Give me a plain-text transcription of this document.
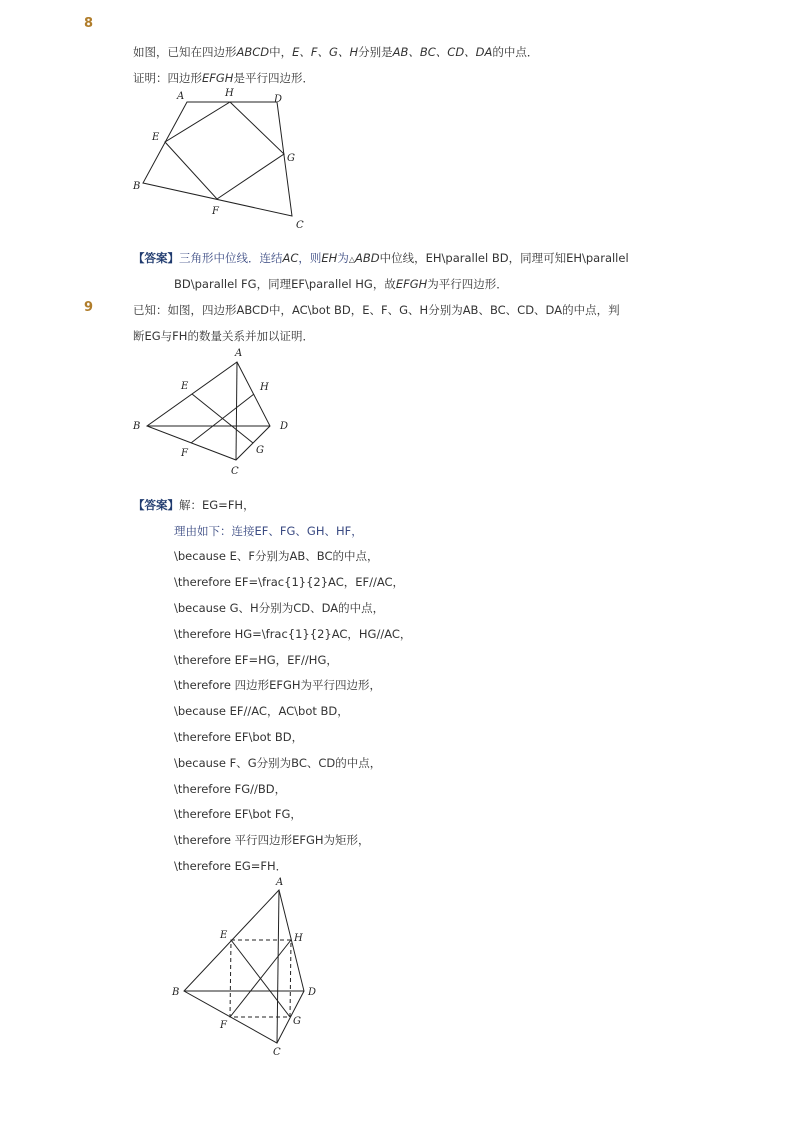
8
如图，已知在四边形ABCD中，E、F、G、H分别是AB、BC、CD、DA的中点．
证明：四边形EFGH是平行四边形．
A	H
D
E
G
B
F
C
【答案】三角形中位线．连结AC，则EH为△ABD中位线，EH\parallel BD，同理可知EH\parallel
BD\parallel FG，同理EF\parallel HG，故EFGH为平行四边形．
9	已知：如图，四边形ABCD中，AC\bot BD，E、F、G、H分别为AB、BC、CD、DA的中点，判
断EG与FH的数量关系并加以证明．
A
E	H
B	D
F	G
C
【答案】解：EG=FH，
理由如下：连接EF、FG、GH、HF，
\because E、F分别为AB、BC的中点，
\therefore EF=\frac{1}{2}AC，EF//AC，
\because G、H分别为CD、DA的中点，
\therefore HG=\frac{1}{2}AC，HG//AC，
\therefore EF=HG，EF//HG，
\therefore 四边形EFGH为平行四边形，
\because EF//AC，AC\bot BD，
\therefore EF\bot BD，
\because F、G分别为BC、CD的中点，
\therefore FG//BD，
\therefore EF\bot FG，
\therefore 平行四边形EFGH为矩形，
\therefore EG=FH．
A
E	H
B	D
F	G
C
